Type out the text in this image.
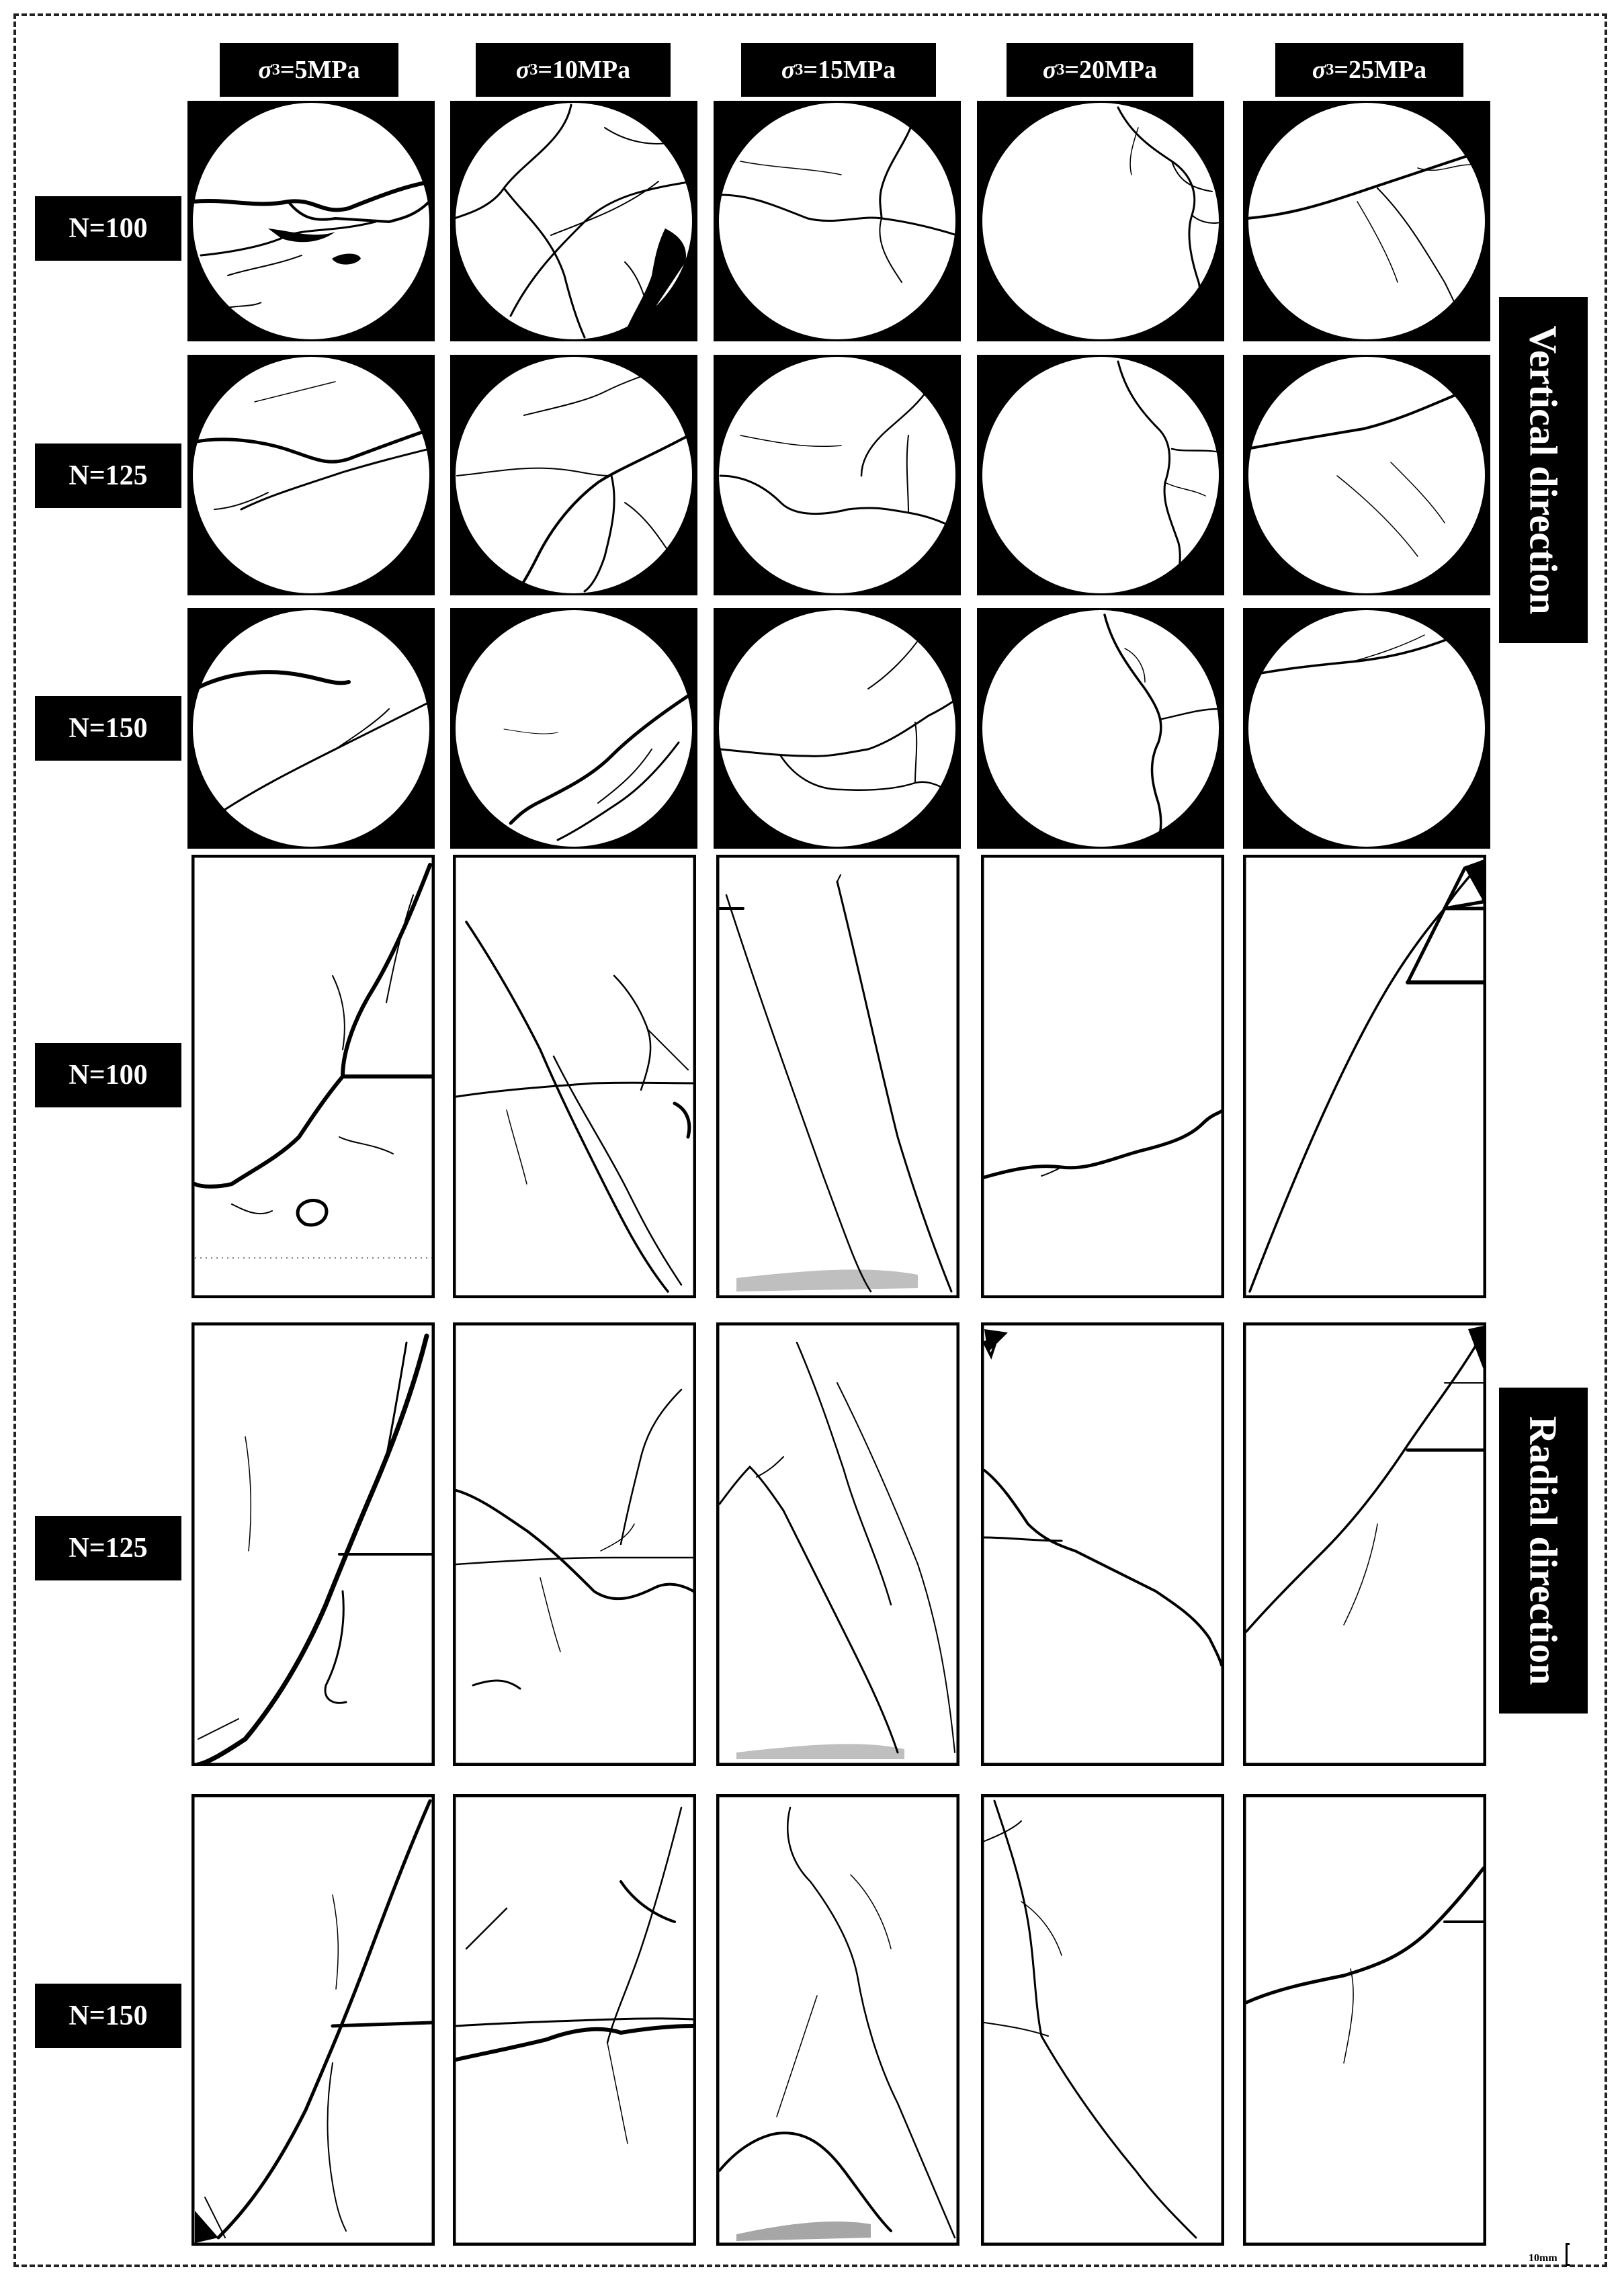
σ 3 =5MPa	σ 3 =10MPa	σ 3 =15MPa	σ 3 =20MPa	σ 3 =25MPa
N=100
N=125
N=150
N=100
N=125
N=150
Vertical direction
Radial direction
10mm
